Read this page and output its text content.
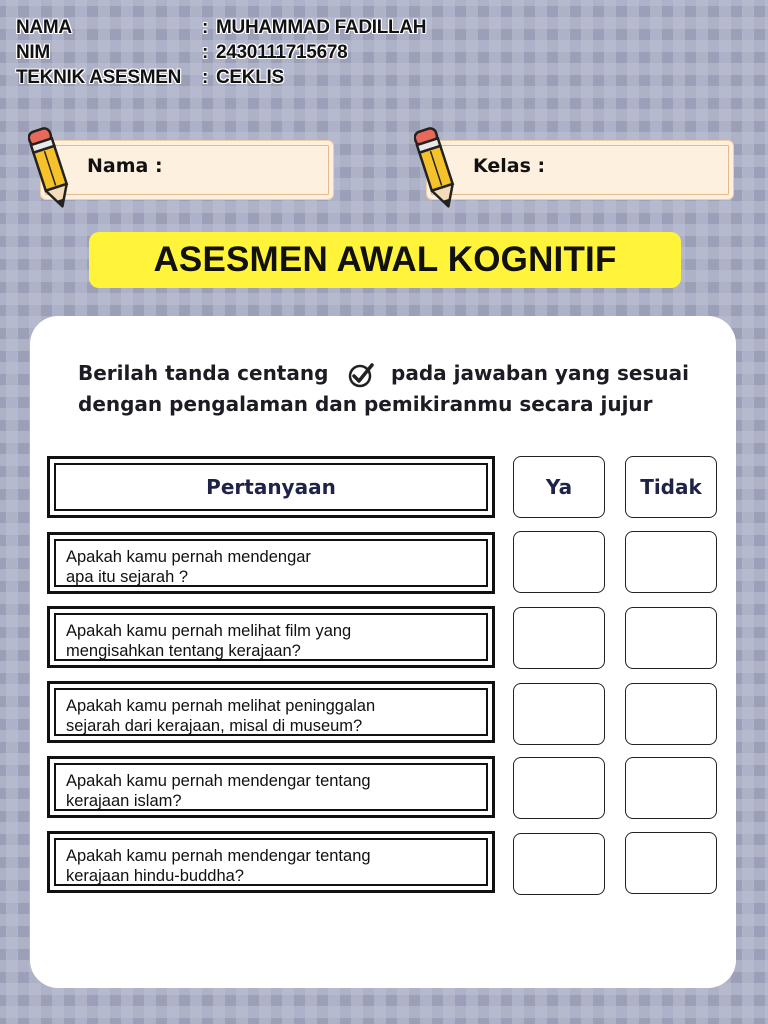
NAMA	: MUHAMMAD FADILLAH
NIM	: 2430111715678
TEKNIK ASESMEN	: CEKLIS
Nama :	Kelas :
ASESMEN AWAL KOGNITIF
Berilah tanda centang	pada jawaban yang sesuai
dengan pengalaman dan pemikiranmu secara jujur
Pertanyaan	Ya	Tidak
Apakah kamu pernah mendengar
apa itu sejarah ?
Apakah kamu pernah melihat film yang
mengisahkan tentang kerajaan?
Apakah kamu pernah melihat peninggalan
sejarah dari kerajaan, misal di museum?
Apakah kamu pernah mendengar tentang
kerajaan islam?
Apakah kamu pernah mendengar tentang
kerajaan hindu-buddha?
